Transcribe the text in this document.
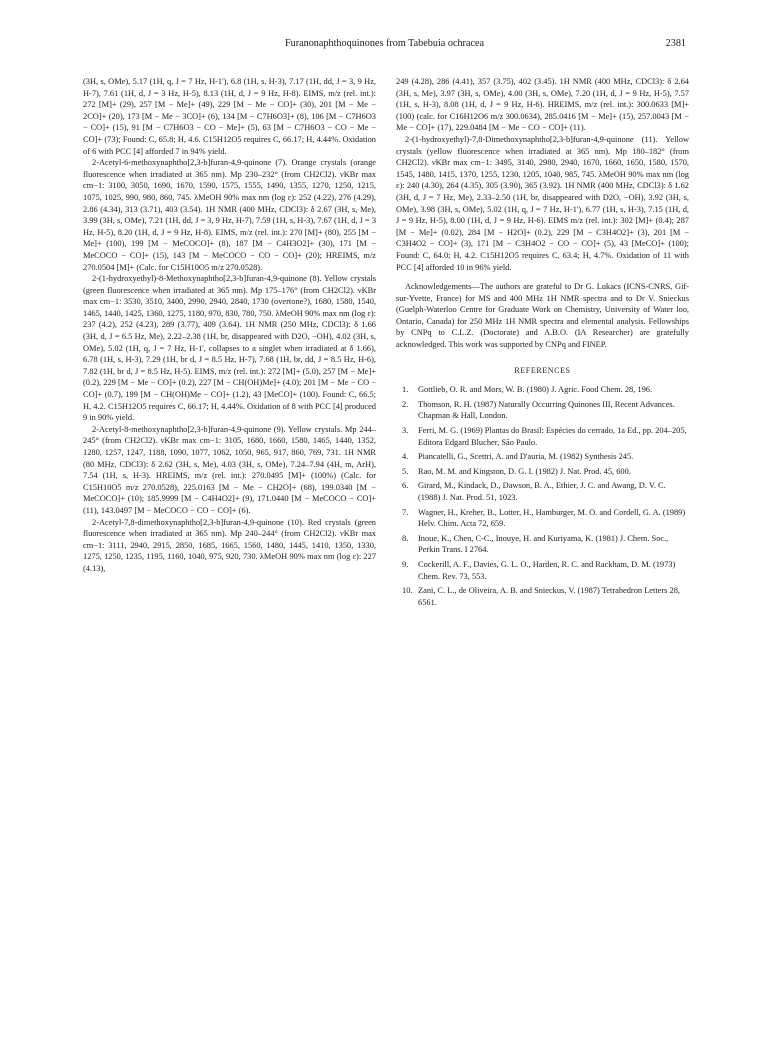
Furanonaphthoquinones from Tabebuia ochracea	2381

(3H, s, OMe), 5.17 (1H, q, J = 7 Hz, H-1'), 6.8 (1H, s, H-3), 7.17 (1H, dd, J = 3, 9 Hz, H-7), 7.61 (1H, d, J = 3 Hz, H-5), 8.13 (1H, d, J = 9 Hz, H-8). EIMS, m/z (rel. int.): 272 [M]+ (29), 257 [M − Me]+ (49), 229 [M − Me − CO]+ (30), 201 [M − Me − 2CO]+ (20), 173 [M − Me − 3CO]+ (6), 134 [M − C7H6O3]+ (8), 106 [M − C7H6O3 − CO]+ (15), 91 [M − C7H6O3 − CO − Me]+ (5), 63 [M − C7H6O3 − CO − Me − CO]+ (73); Found: C, 65.8; H, 4.6. C15H12O5 requires C, 66.17; H, 4.44%. Oxidation of 6 with PCC [4] afforded 7 in 94% yield.

2-Acetyl-6-methoxynaphtho[2,3-b]furan-4,9-quinone (7). Orange crystals (orange fluorescence when irradiated at 365 nm). Mp 230–232° (from CH2Cl2). νKBr max cm−1: 3100, 3050, 1690, 1670, 1590, 1575, 1555, 1490, 1355, 1270, 1250, 1215, 1075, 1025, 990, 980, 860, 745. λMeOH 90% max nm (log ε): 252 (4.22), 276 (4.29), 2.86 (4.34), 313 (3.71), 403 (3.54). 1H NMR (400 MHz, CDCl3): δ 2.67 (3H, s, Me), 3.99 (3H, s, OMe), 7.21 (1H, dd, J = 3, 9 Hz, H-7), 7.59 (1H, s, H-3), 7.67 (1H, d, J = 3 Hz, H-5), 8.20 (1H, d, J = 9 Hz, H-8). EIMS, m/z (rel. int.): 270 [M]+ (80), 255 [M − Me]+ (100), 199 [M − MeCOCO]+ (8), 187 [M − C4H3O2]+ (30), 171 [M − MeCOCO − CO]+ (15), 143 [M − MeCOCO − CO − CO]+ (20); HREIMS, m/z 270.0504 [M]+ (Calc. for C15H10O5 m/z 270.0528).

2-(1-hydroxyethyl)-8-Methoxynaphtho[2,3-b]furan-4,9-quinone (8). Yellow crystals (green fluorescence when irradiated at 365 nm). Mp 175–176° (from CH2Cl2). νKBr max cm−1: 3530, 3510, 3400, 2990, 2940, 2840, 1730 (overtone?), 1680, 1580, 1540, 1465, 1440, 1425, 1360, 1275, 1180, 970, 830, 780, 750. λMeOH 90% max nm (log ε): 237 (4.2), 252 (4.23), 289 (3.77), 409 (3.64). 1H NMR (250 MHz, CDCl3): δ 1.66 (3H, d, J = 6.5 Hz, Me), 2.22–2.38 (1H, br, disappeared with D2O, −OH), 4.02 (3H, s, OMe), 5.02 (1H, q, J = 7 Hz, H-1', collapses to a singlet when irradiated at δ 1.66), 6.78 (1H, s, H-3), 7.29 (1H, br d, J = 8.5 Hz, H-7), 7.68 (1H, br, dd, J = 8.5 Hz, H-6), 7.82 (1H, br d, J = 8.5 Hz, H-5). EIMS, m/z (rel. int.): 272 [M]+ (5.0), 257 [M − Me]+ (0.2), 229 [M − Me − CO]+ (0.2), 227 [M − CH(OH)Me]+ (4.0); 201 [M − Me − CO − CO]+ (0.7), 199 [M − CH(OH)Me − CO]+ (1.2), 43 [MeCO]+ (100). Found: C, 66.5; H, 4.2. C15H12O5 requires C, 66.17; H, 4.44%. Oxidation of 8 with PCC [4] produced 9 in 90% yield.

2-Acetyl-8-methoxynaphtho[2,3-b]furan-4,9-quinone (9). Yellow crystals. Mp 244–245° (from CH2Cl2). νKBr max cm−1: 3105, 1680, 1660, 1580, 1465, 1440, 1352, 1280, 1257, 1247, 1188, 1090, 1077, 1062, 1050, 965, 917, 860, 769, 731. 1H NMR (80 MHz, CDCl3): δ 2.62 (3H, s, Me), 4.03 (3H, s, OMe), 7.24–7.94 (4H, m, ArH), 7.54 (1H, s, H-3). HREIMS, m/z (rel. int.): 270.0495 [M]+ (100%) (Calc. for C15H10O5 m/z 270.0528), 225.0163 [M − Me − CH2O]+ (68), 199.0340 [M − MeCOCO]+ (10); 185.9999 [M − C4H4O2]+ (9), 171.0440 [M − MeCOCO − CO]+ (11), 143.0497 [M − MeCOCO − CO − CO]+ (6).

2-Acetyl-7,8-dimethoxynaphtho[2,3-b]furan-4,9-quinone (10). Red crystals (green fluorescence when irradiated at 365 nm). Mp 240–244° (from CH2Cl2). νKBr max cm−1: 3111, 2940, 2915, 2850, 1685, 1665, 1560, 1480, 1445, 1410, 1350, 1330, 1275, 1250, 1235, 1195, 1160, 1040, 975, 920, 730. λMeOH 90% max nm (log ε): 227 (4.13),

249 (4.28), 286 (4.41), 357 (3.75), 402 (3.45). 1H NMR (400 MHz, CDCl3): δ 2.64 (3H, s, Me), 3.97 (3H, s, OMe), 4.00 (3H, s, OMe), 7.20 (1H, d, J = 9 Hz, H-5), 7.57 (1H, s, H-3), 8.08 (1H, d, J = 9 Hz, H-6). HREIMS, m/z (rel. int.): 300.0633 [M]+ (100) (calc. for C16H12O6 m/z 300.0634), 285.0416 [M − Me]+ (15), 257.0043 [M − Me − CO]+ (17), 229.0484 [M − Me − CO − CO]+ (11).

2-(1-hydroxyethyl)-7,8-Dimethoxynaphtho[2,3-b]furan-4,9-quinone (11). Yellow crystals (yellow fluorescence when irradiated at 365 nm). Mp 180–182° (from CH2Cl2). νKBr max cm−1: 3495, 3140, 2980, 2940, 1670, 1660, 1650, 1580, 1570, 1545, 1480, 1415, 1370, 1255, 1230, 1205, 1040, 985, 745. λMeOH 90% max nm (log ε): 240 (4.30), 264 (4.35), 305 (3.90), 365 (3.92). 1H NMR (400 MHz, CDCl3): δ 1.62 (3H, d, J = 7 Hz, Me), 2.33–2.50 (1H, br, disappeared with D2O, −OH), 3.92 (3H, s, OMe), 3.98 (3H, s, OMe), 5.02 (1H, q, J = 7 Hz, H-1'), 6.77 (1H, s, H-3), 7.15 (1H, d, J = 9 Hz, H-5), 8.00 (1H, d, J = 9 Hz, H-6). EIMS m/z (rel. int.): 302 [M]+ (0.4); 287 [M − Me]+ (0.02), 284 [M − H2O]+ (0.2), 229 [M − C3H4O2]+ (3), 201 [M − C3H4O2 − CO]+ (3), 171 [M − C3H4O2 − CO − CO]+ (5), 43 [MeCO]+ (100); Found: C, 64.0; H, 4.2. C15H12O5 requires C, 63.4; H, 4.7%. Oxidation of 11 with PCC [4] afforded 10 in 96% yield.

Acknowledgements—The authors are grateful to Dr G. Lukacs (ICNS-CNRS, Gif-sur-Yvette, France) for MS and 400 MHz 1H NMR spectra and to Dr V. Snieckus (Guelph-Waterloo Centre for Graduate Work on Chemistry, University of Water loo, Ontario, Canada) for 250 MHz 1H NMR spectra and elemental analysis. Fellowships by CNPq to C.L.Z. (Doctorate) and A.B.O. (IA Researcher) are gratefully acknowledged. This work was supported by CNPq and FINEP.

REFERENCES
1. Gottlieb, O. R. and Mors, W. B. (1980) J. Agric. Food Chem. 28, 196.
2. Thomson, R. H. (1987) Naturally Occurring Quinones III, Recent Advances. Chapman & Hall, London.
3. Ferri, M. G. (1969) Plantas do Brasil: Espécies do cerrado, 1a Ed., pp. 204–205, Editora Edgard Blucher, São Paulo.
4. Piancatelli, G., Scettri, A. and D'auria, M. (1982) Synthesis 245.
5. Rao, M. M. and Kingston, D. G. I. (1982) J. Nat. Prod. 45, 600.
6. Girard, M., Kindack, D., Dawson, B. A., Ethier, J. C. and Awang, D. V. C. (1988) J. Nat. Prod. 51, 1023.
7. Wagner, H., Kreher, B., Lotter, H., Hamburger, M. O. and Cordell, G. A. (1989) Helv. Chim. Acta 72, 659.
8. Inoue, K., Chen, C-C., Inouye, H. and Kuriyama, K. (1981) J. Chem. Soc., Perkin Trans. I 2764.
9. Cockerill, A. F., Davies, G. L. O., Harden, R. C. and Rackham, D. M. (1973) Chem. Rev. 73, 553.
10. Zani, C. L., de Oliveira, A. B. and Snieckus, V. (1987) Tetrahedron Letters 28, 6561.
